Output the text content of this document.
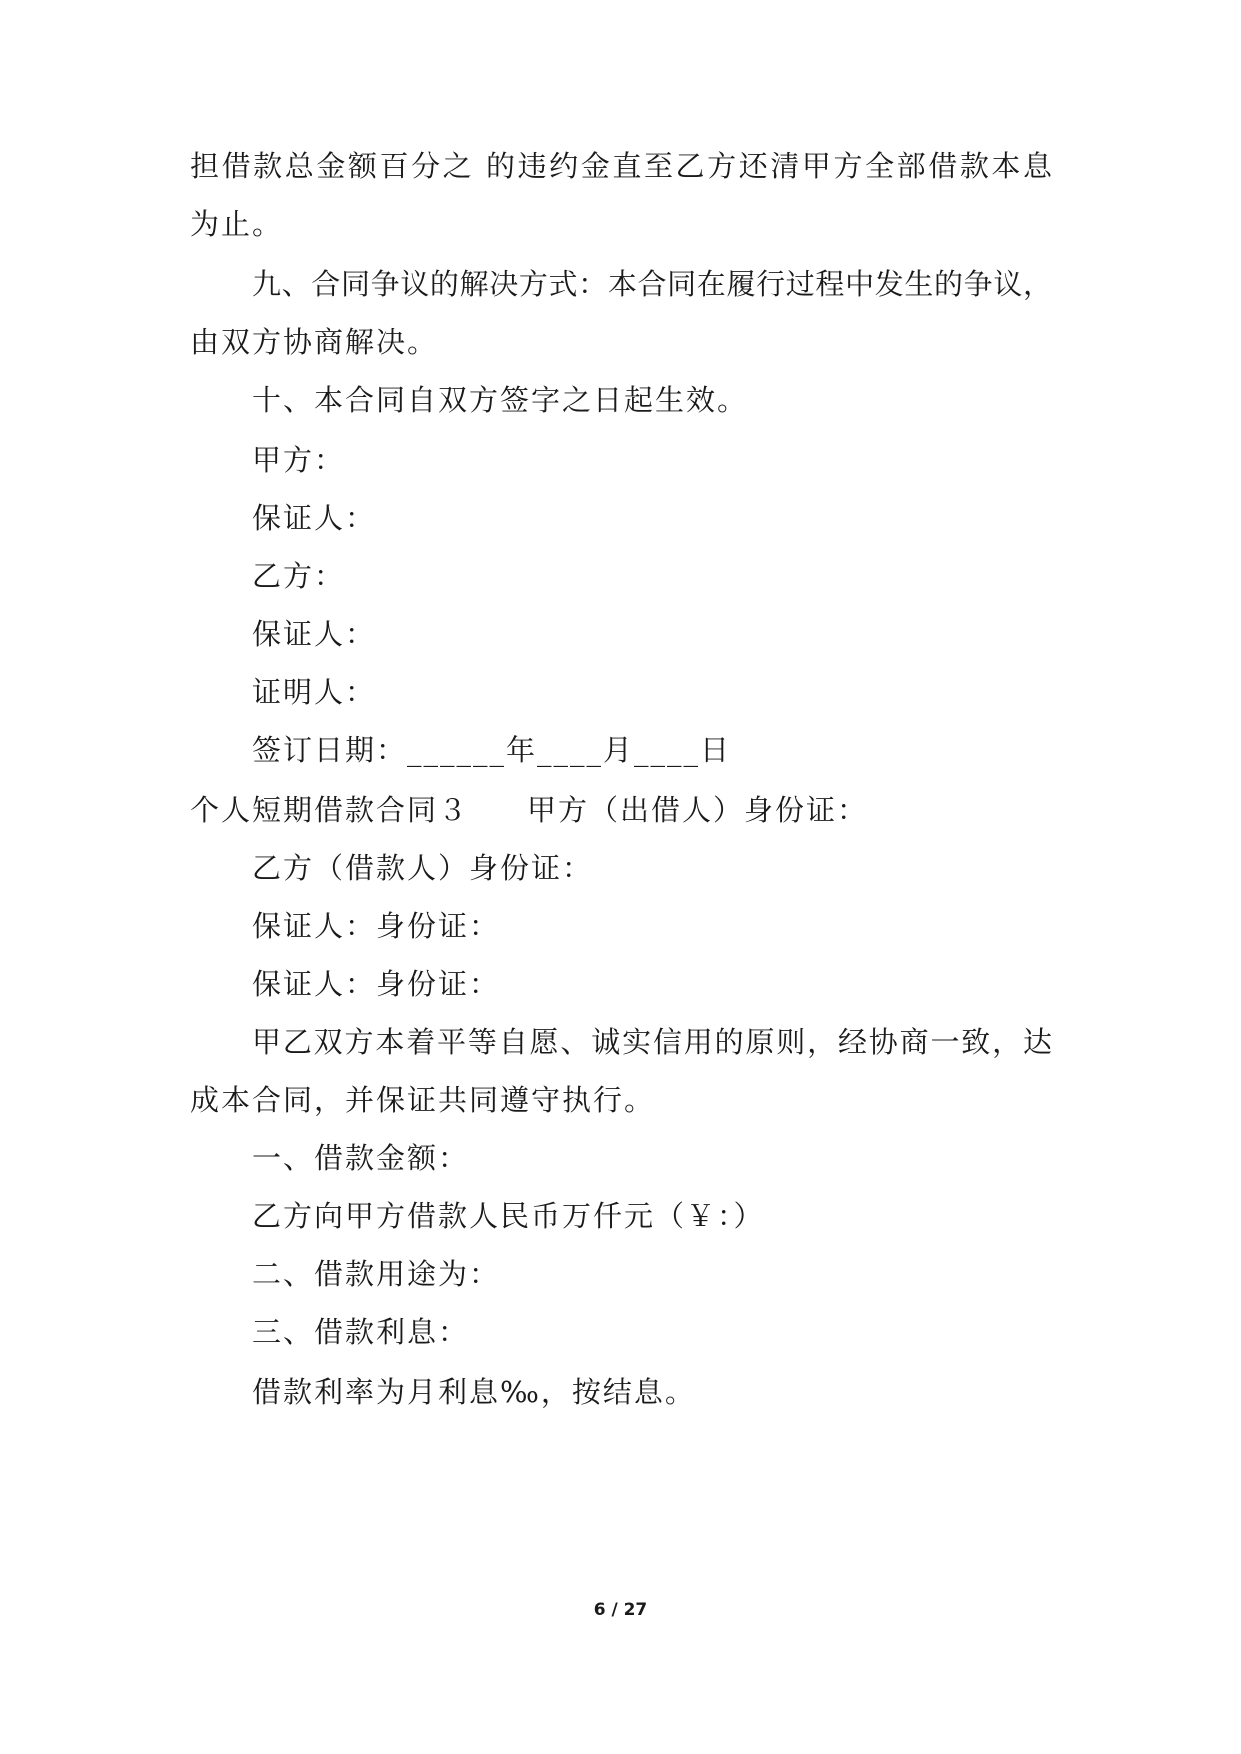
担借款总金额百分之 的违约金直至乙方还清甲方全部借款本息
为止。
九、合同争议的解决方式：本合同在履行过程中发生的争议，
由双方协商解决。
十、本合同自双方签字之日起生效。
甲方：
保证人：
乙方：
保证人：
证明人：
签订日期：______年____月____日
个人短期借款合同３ 甲方（出借人）身份证：
乙方（借款人）身份证：
保证人：身份证：
保证人：身份证：
甲乙双方本着平等自愿、诚实信用的原则，经协商一致，达
成本合同，并保证共同遵守执行。
一、借款金额：
乙方向甲方借款人民币万仟元（￥：）
二、借款用途为：
三、借款利息：
借款利率为月利息‰，按结息。
6 / 27
